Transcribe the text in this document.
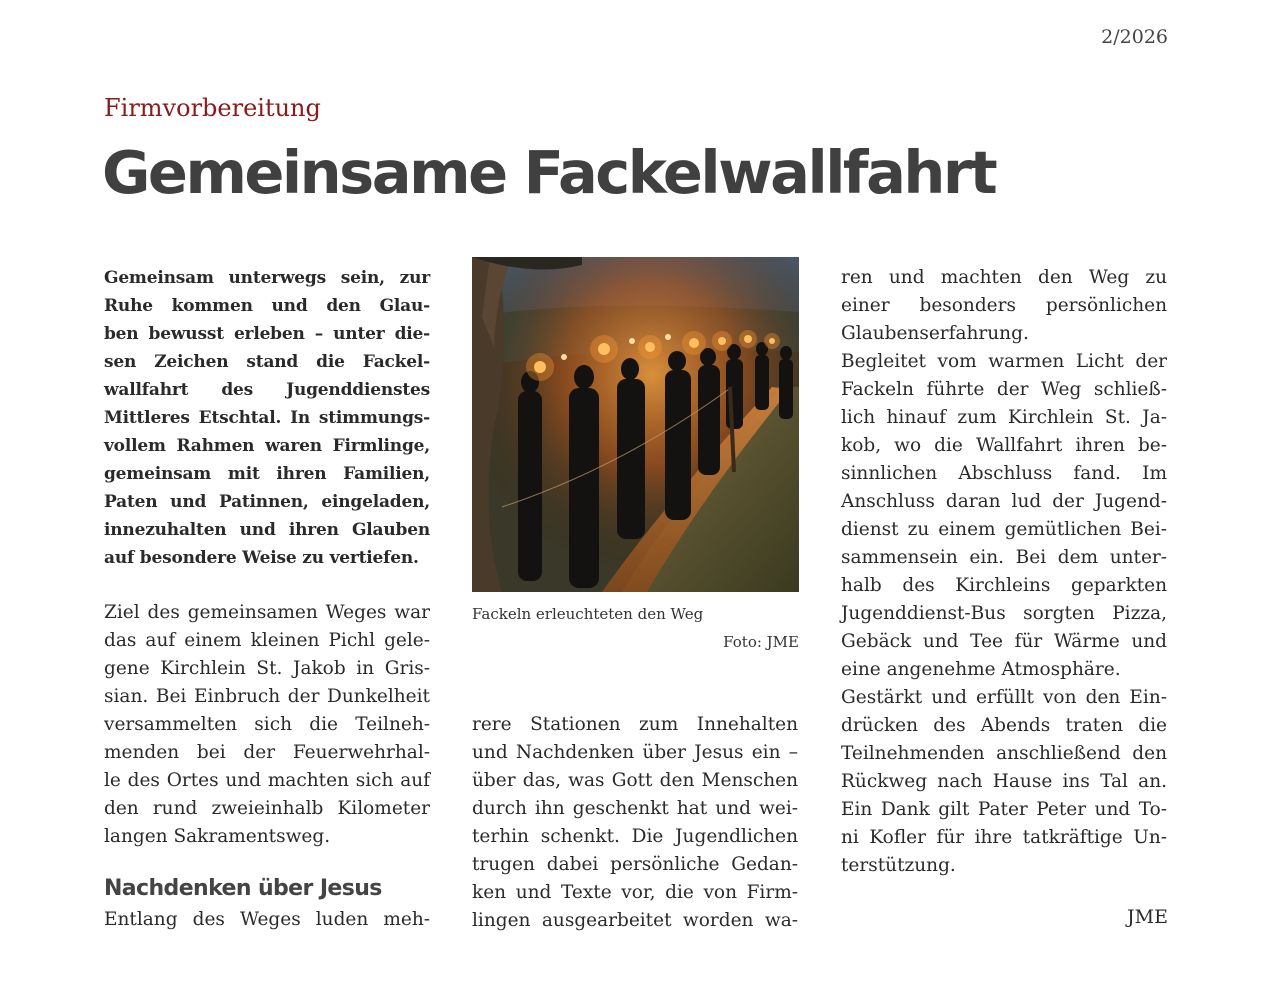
2/2026
Firmvorbereitung
Gemeinsame Fackelwallfahrt
Gemeinsam unterwegs sein, zur
Ruhe kommen und den Glau-
ben bewusst erleben – unter die-
sen Zeichen stand die Fackel-
wallfahrt des Jugenddienstes
Mittleres Etschtal. In stimmungs-
vollem Rahmen waren Firmlinge,
gemeinsam mit ihren Familien,
Paten und Patinnen, eingeladen,
innezuhalten und ihren Glauben
auf besondere Weise zu vertiefen.
Ziel des gemeinsamen Weges war
das auf einem kleinen Pichl gele-
gene Kirchlein St. Jakob in Gris-
sian. Bei Einbruch der Dunkelheit
versammelten sich die Teilneh-
menden bei der Feuerwehrhal-
le des Ortes und machten sich auf
den rund zweieinhalb Kilometer
langen Sakramentsweg.
Nachdenken über Jesus
Entlang des Weges luden meh-
Fackeln erleuchteten den Weg
Foto: JME
rere Stationen zum Innehalten
und Nachdenken über Jesus ein –
über das, was Gott den Menschen
durch ihn geschenkt hat und wei-
terhin schenkt. Die Jugendlichen
trugen dabei persönliche Gedan-
ken und Texte vor, die von Firm-
lingen ausgearbeitet worden wa-
ren und machten den Weg zu
einer besonders persönlichen
Glaubenserfahrung.
Begleitet vom warmen Licht der
Fackeln führte der Weg schließ-
lich hinauf zum Kirchlein St. Ja-
kob, wo die Wallfahrt ihren be-
sinnlichen Abschluss fand. Im
Anschluss daran lud der Jugend-
dienst zu einem gemütlichen Bei-
sammensein ein. Bei dem unter-
halb des Kirchleins geparkten
Jugenddienst-Bus sorgten Pizza,
Gebäck und Tee für Wärme und
eine angenehme Atmosphäre.
Gestärkt und erfüllt von den Ein-
drücken des Abends traten die
Teilnehmenden anschließend den
Rückweg nach Hause ins Tal an.
Ein Dank gilt Pater Peter und To-
ni Kofler für ihre tatkräftige Un-
terstützung.
JME
